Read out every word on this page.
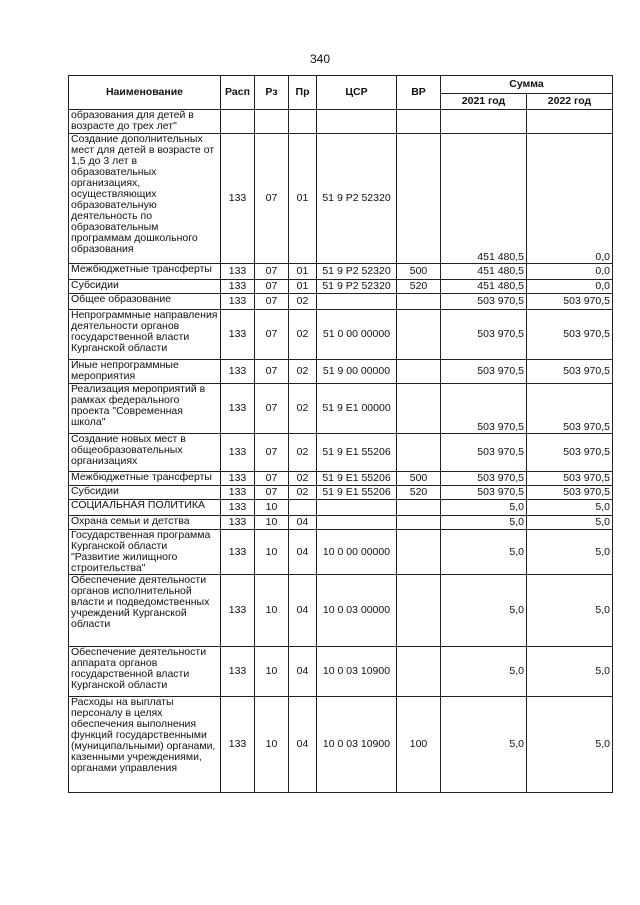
340
Наименование	Расп	Рз	Пр	ЦСР	ВР	Сумма	
						2021 год	2022 год
образования для детей в возрасте до трех лет"							
Создание дополнительных мест для детей в возрасте от 1,5 до 3 лет в образовательных организациях, осуществляющих образовательную деятельность по образовательным программам дошкольного образования	133	07	01	51 9 P2 52320		451 480,5	0,0
Межбюджетные трансферты	133	07	01	51 9 P2 52320	500	451 480,5	0,0
Субсидии	133	07	01	51 9 P2 52320	520	451 480,5	0,0
Общее образование	133	07	02			503 970,5	503 970,5
Непрограммные направления деятельности органов государственной власти Курганской области	133	07	02	51 0 00 00000		503 970,5	503 970,5
Иные непрограммные мероприятия	133	07	02	51 9 00 00000		503 970,5	503 970,5
Реализация мероприятий в рамках федерального проекта "Современная школа"	133	07	02	51 9 E1 00000		503 970,5	503 970,5
Создание новых мест в общеобразовательных организациях	133	07	02	51 9 E1 55206		503 970,5	503 970,5
Межбюджетные трансферты	133	07	02	51 9 E1 55206	500	503 970,5	503 970,5
Субсидии	133	07	02	51 9 E1 55206	520	503 970,5	503 970,5
СОЦИАЛЬНАЯ ПОЛИТИКА	133	10				5,0	5,0
Охрана семьи и детства	133	10	04			5,0	5,0
Государственная программа Курганской области "Развитие жилищного строительства"	133	10	04	10 0 00 00000		5,0	5,0
Обеспечение деятельности органов исполнительной власти и подведомственных учреждений Курганской области	133	10	04	10 0 03 00000		5,0	5,0
Обеспечение деятельности аппарата органов государственной власти Курганской области	133	10	04	10 0 03 10900		5,0	5,0
Расходы на выплаты персоналу в целях обеспечения выполнения функций государственными (муниципальными) органами, казенными учреждениями, органами управления	133	10	04	10 0 03 10900	100	5,0	5,0
